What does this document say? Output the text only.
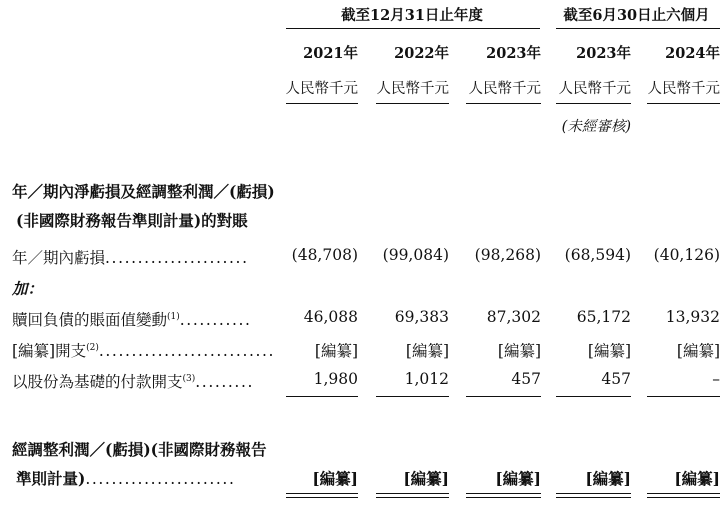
截至12月31日止年度	截至6月30日止六個月
2021年	2022年	2023年	2023年	2024年
人民幣千元 人民幣千元	人民幣千元	人民幣千元 人民幣千元
(未經審核)
年／期內淨虧損及經調整利潤／(虧損)
(非國際財務報告準則計量)的對賬
年／期內虧損......................	(48,708)	(99,084)	(98,268)	(68,594)	(40,126)
加：
贖回負債的賬面值變動$^{(1)}$...........	46,088	69,383	87,302	65,172	13,932
[編纂]開支$^{(2)}$...........................	[編纂]	[編纂]	[編纂]	[編纂]	[編纂]
以股份為基礎的付款開支$^{(3)}$.........	1,980	1,012	457	457	–
經調整利潤／(虧損)(非國際財務報告
準則計量).......................	[編纂]	[編纂]	[編纂]	[編纂]	[編纂]
